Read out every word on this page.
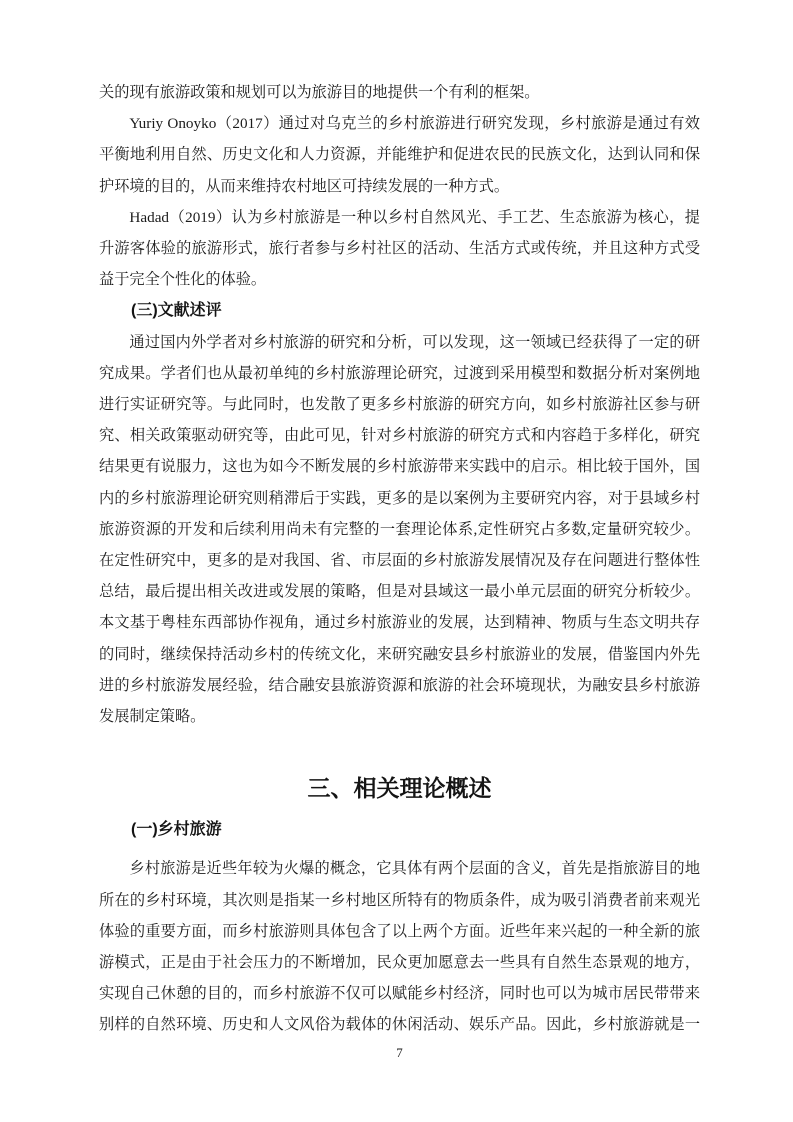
关的现有旅游政策和规划可以为旅游目的地提供一个有利的框架。
Yuriy Onoyko（2017）通过对乌克兰的乡村旅游进行研究发现，乡村旅游是通过有效
平衡地利用自然、历史文化和人力资源，并能维护和促进农民的民族文化，达到认同和保
护环境的目的，从而来维持农村地区可持续发展的一种方式。
Hadad（2019）认为乡村旅游是一种以乡村自然风光、手工艺、生态旅游为核心，提
升游客体验的旅游形式，旅行者参与乡村社区的活动、生活方式或传统，并且这种方式受
益于完全个性化的体验。
(三)文献述评
通过国内外学者对乡村旅游的研究和分析，可以发现，这一领域已经获得了一定的研
究成果。学者们也从最初单纯的乡村旅游理论研究，过渡到采用模型和数据分析对案例地
进行实证研究等。与此同时，也发散了更多乡村旅游的研究方向，如乡村旅游社区参与研
究、相关政策驱动研究等，由此可见，针对乡村旅游的研究方式和内容趋于多样化，研究
结果更有说服力，这也为如今不断发展的乡村旅游带来实践中的启示。相比较于国外，国
内的乡村旅游理论研究则稍滞后于实践，更多的是以案例为主要研究内容，对于县域乡村
旅游资源的开发和后续利用尚未有完整的一套理论体系,定性研究占多数,定量研究较少。
在定性研究中，更多的是对我国、省、市层面的乡村旅游发展情况及存在问题进行整体性
总结，最后提出相关改进或发展的策略，但是对县域这一最小单元层面的研究分析较少。
本文基于粤桂东西部协作视角，通过乡村旅游业的发展，达到精神、物质与生态文明共存
的同时，继续保持活动乡村的传统文化，来研究融安县乡村旅游业的发展，借鉴国内外先
进的乡村旅游发展经验，结合融安县旅游资源和旅游的社会环境现状，为融安县乡村旅游
发展制定策略。
三、相关理论概述
(一)乡村旅游
乡村旅游是近些年较为火爆的概念，它具体有两个层面的含义，首先是指旅游目的地
所在的乡村环境，其次则是指某一乡村地区所特有的物质条件，成为吸引消费者前来观光
体验的重要方面，而乡村旅游则具体包含了以上两个方面。近些年来兴起的一种全新的旅
游模式，正是由于社会压力的不断增加，民众更加愿意去一些具有自然生态景观的地方，
实现自己休憩的目的，而乡村旅游不仅可以赋能乡村经济，同时也可以为城市居民带带来
别样的自然环境、历史和人文风俗为载体的休闲活动、娱乐产品。因此，乡村旅游就是一
7
